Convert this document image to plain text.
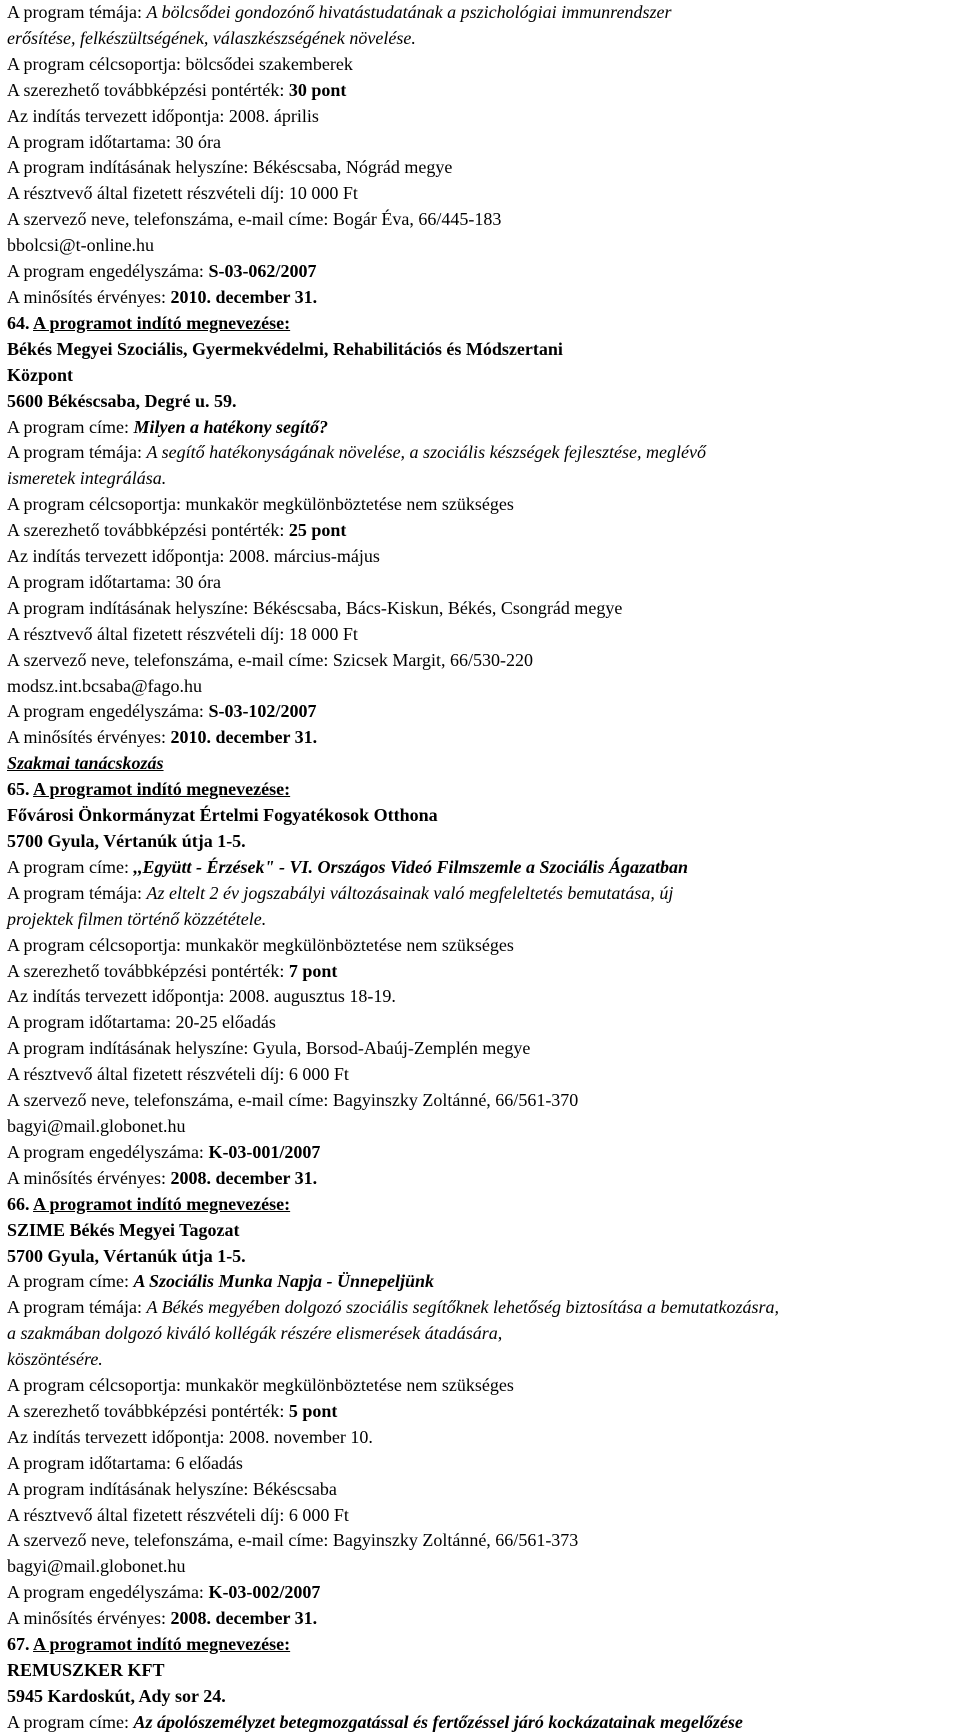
A program témája: A bölcsődei gondozónő hivatástudatának a pszichológiai immunrendszer
erősítése, felkészültségének, válaszkészségének növelése.
A program célcsoportja: bölcsődei szakemberek
A szerezhető továbbképzési pontérték: 30 pont
Az indítás tervezett időpontja: 2008. április
A program időtartama: 30 óra
A program indításának helyszíne: Békéscsaba, Nógrád megye
A résztvevő által fizetett részvételi díj: 10 000 Ft
A szervező neve, telefonszáma, e-mail címe: Bogár Éva, 66/445-183
bbolcsi@t-online.hu
A program engedélyszáma: S-03-062/2007
A minősítés érvényes: 2010. december 31.
64. A programot indító megnevezése:
Békés Megyei Szociális, Gyermekvédelmi, Rehabilitációs és Módszertani
Központ
5600 Békéscsaba, Degré u. 59.
A program címe: Milyen a hatékony segítő?
A program témája: A segítő hatékonyságának növelése, a szociális készségek fejlesztése, meglévő
ismeretek integrálása.
A program célcsoportja: munkakör megkülönböztetése nem szükséges
A szerezhető továbbképzési pontérték: 25 pont
Az indítás tervezett időpontja: 2008. március-május
A program időtartama: 30 óra
A program indításának helyszíne: Békéscsaba, Bács-Kiskun, Békés, Csongrád megye
A résztvevő által fizetett részvételi díj: 18 000 Ft
A szervező neve, telefonszáma, e-mail címe: Szicsek Margit, 66/530-220
modsz.int.bcsaba@fago.hu
A program engedélyszáma: S-03-102/2007
A minősítés érvényes: 2010. december 31.
Szakmai tanácskozás
65. A programot indító megnevezése:
Fővárosi Önkormányzat Értelmi Fogyatékosok Otthona
5700 Gyula, Vértanúk útja 1-5.
A program címe: ,,Együtt - Érzések" - VI. Országos Videó Filmszemle a Szociális Ágazatban
A program témája: Az eltelt 2 év jogszabályi változásainak való megfeleltetés bemutatása, új
projektek filmen történő közzététele.
A program célcsoportja: munkakör megkülönböztetése nem szükséges
A szerezhető továbbképzési pontérték: 7 pont
Az indítás tervezett időpontja: 2008. augusztus 18-19.
A program időtartama: 20-25 előadás
A program indításának helyszíne: Gyula, Borsod-Abaúj-Zemplén megye
A résztvevő által fizetett részvételi díj: 6 000 Ft
A szervező neve, telefonszáma, e-mail címe: Bagyinszky Zoltánné, 66/561-370
bagyi@mail.globonet.hu
A program engedélyszáma: K-03-001/2007
A minősítés érvényes: 2008. december 31.
66. A programot indító megnevezése:
SZIME Békés Megyei Tagozat
5700 Gyula, Vértanúk útja 1-5.
A program címe: A Szociális Munka Napja - Ünnepeljünk
A program témája: A Békés megyében dolgozó szociális segítőknek lehetőség biztosítása a bemutatkozásra,
a szakmában dolgozó kiváló kollégák részére elismerések átadására,
köszöntésére.
A program célcsoportja: munkakör megkülönböztetése nem szükséges
A szerezhető továbbképzési pontérték: 5 pont
Az indítás tervezett időpontja: 2008. november 10.
A program időtartama: 6 előadás
A program indításának helyszíne: Békéscsaba
A résztvevő által fizetett részvételi díj: 6 000 Ft
A szervező neve, telefonszáma, e-mail címe: Bagyinszky Zoltánné, 66/561-373
bagyi@mail.globonet.hu
A program engedélyszáma: K-03-002/2007
A minősítés érvényes: 2008. december 31.
67. A programot indító megnevezése:
REMUSZKER KFT
5945 Kardoskút, Ady sor 24.
A program címe: Az ápolószemélyzet betegmozgatással és fertőzéssel járó kockázatainak megelőzése
